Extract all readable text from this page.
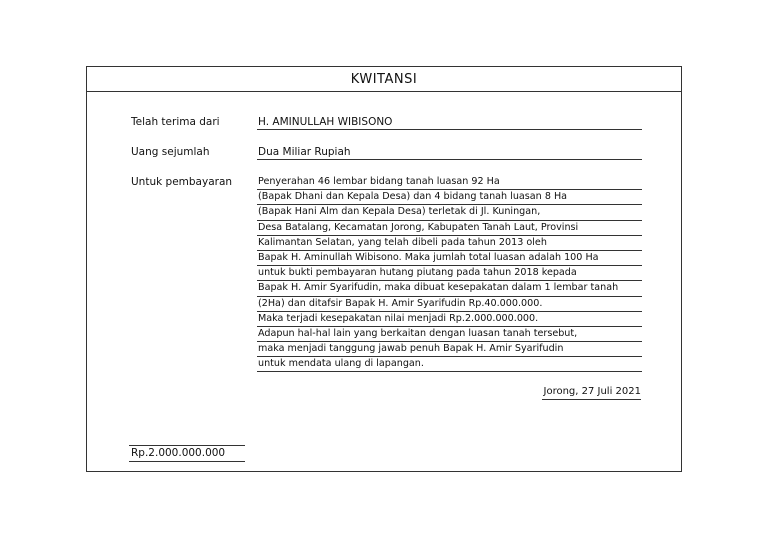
KWITANSI
Telah terima dari	H. AMINULLAH WIBISONO
Uang sejumlah	Dua Miliar Rupiah
Untuk pembayaran	Penyerahan 46 lembar bidang tanah luasan 92 Ha
(Bapak Dhani dan Kepala Desa) dan 4 bidang tanah luasan 8 Ha
(Bapak Hani Alm dan Kepala Desa) terletak di Jl. Kuningan,
Desa Batalang, Kecamatan Jorong, Kabupaten Tanah Laut, Provinsi
Kalimantan Selatan, yang telah dibeli pada tahun 2013 oleh
Bapak H. Aminullah Wibisono. Maka jumlah total luasan adalah 100 Ha
untuk bukti pembayaran hutang piutang pada tahun 2018 kepada
Bapak H. Amir Syarifudin, maka dibuat kesepakatan dalam 1 lembar tanah
(2Ha) dan ditafsir Bapak H. Amir Syarifudin Rp.40.000.000.
Maka terjadi kesepakatan nilai menjadi Rp.2.000.000.000.
Adapun hal-hal lain yang berkaitan dengan luasan tanah tersebut,
maka menjadi tanggung jawab penuh Bapak H. Amir Syarifudin
untuk mendata ulang di lapangan.
Jorong, 27 Juli 2021
Rp.2.000.000.000
